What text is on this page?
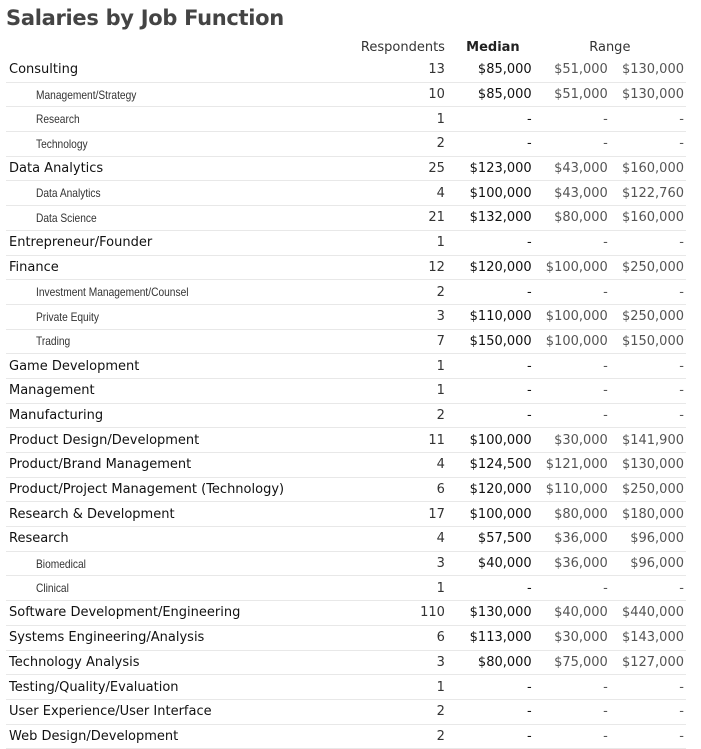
Salaries by Job Function
	Respondents	Median	Range	
Consulting	13	$85,000	$51,000	$130,000
Management/Strategy	10	$85,000	$51,000	$130,000
Research	1	-	-	-
Technology	2	-	-	-
Data Analytics	25	$123,000	$43,000	$160,000
Data Analytics	4	$100,000	$43,000	$122,760
Data Science	21	$132,000	$80,000	$160,000
Entrepreneur/Founder	1	-	-	-
Finance	12	$120,000	$100,000	$250,000
Investment Management/Counsel	2	-	-	-
Private Equity	3	$110,000	$100,000	$250,000
Trading	7	$150,000	$100,000	$150,000
Game Development	1	-	-	-
Management	1	-	-	-
Manufacturing	2	-	-	-
Product Design/Development	11	$100,000	$30,000	$141,900
Product/Brand Management	4	$124,500	$121,000	$130,000
Product/Project Management (Technology)	6	$120,000	$110,000	$250,000
Research & Development	17	$100,000	$80,000	$180,000
Research	4	$57,500	$36,000	$96,000
Biomedical	3	$40,000	$36,000	$96,000
Clinical	1	-	-	-
Software Development/Engineering	110	$130,000	$40,000	$440,000
Systems Engineering/Analysis	6	$113,000	$30,000	$143,000
Technology Analysis	3	$80,000	$75,000	$127,000
Testing/Quality/Evaluation	1	-	-	-
User Experience/User Interface	2	-	-	-
Web Design/Development	2	-	-	-
